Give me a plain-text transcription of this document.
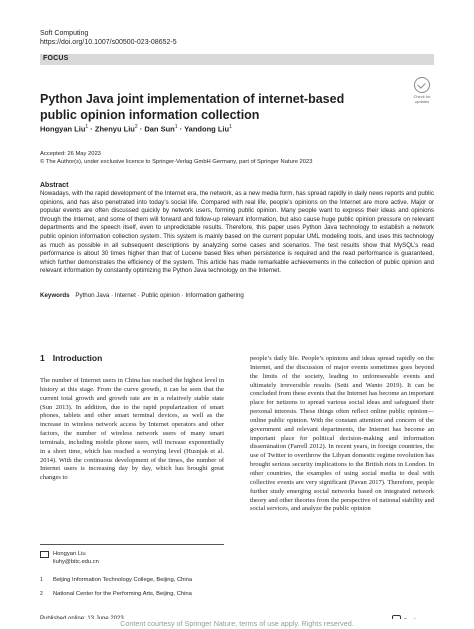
Soft Computing
https://doi.org/10.1007/s00500-023-08652-5
FOCUS
Check for updates
Python Java joint implementation of internet-based public opinion information collection
Hongyan Liu$^1$ · Zhenyu Liu$^2$ · Dan Sun$^1$ · Yandong Liu$^1$
Accepted: 26 May 2023
© The Author(s), under exclusive licence to Springer-Verlag GmbH Germany, part of Springer Nature 2023
Abstract
Nowadays, with the rapid development of the Internet era, the network, as a new media form, has spread rapidly in daily news reports and public opinions, and has also penetrated into today’s social life. Compared with real life, people’s opinions on the Internet are more active. Major or popular events are often discussed quickly by network users, forming public opinion. Many people want to express their ideas and opinions through the Internet, and some of them will forward and follow-up relevant information, but also cause huge public opinion pressure on relevant departments and the speech itself, even to unpredictable results. Therefore, this paper uses Python Java technology to establish a network public opinion information collection system. This system is mainly based on the current popular UML modeling tools, and uses this technology as much as possible in all subsequent descriptions by analyzing some cases and scenarios. The test results show that MySQL’s read performance is about 30 times higher than that of Lucene based files when persistence is required and the read performance is guaranteed, which further demonstrates the efficiency of the system. This article has made remarkable achievements in the collection of public opinion and relevant information by constantly optimizing the Python Java technology on the Internet.
Keywords Python Java · Internet · Public opinion · Information gathering
1 Introduction
The number of Internet users in China has reached the highest level in history at this stage. From the curve growth, it can be seen that the current total growth and growth rate are in a relatively stable state (Sun 2013). In addition, due to the rapid popularization of smart phones, tablets and other smart terminal devices, as well as the increase in wireless network access by Internet operators and other factors, the number of wireless network users of many smart terminals, including mobile phone users, will increase exponentially in a short time, which has reached a worrying level (Husnjak et al. 2014). With the continuous development of the times, the number of Internet users is increasing day by day, which has brought great changes to
people’s daily life. People’s opinions and ideas spread rapidly on the Internet, and the discussion of major events sometimes goes beyond the limits of the society, leading to unforeseeable events and ultimately irreversible results (Setti and Wanto 2019). It can be concluded from these events that the Internet has become an important place for netizens to spread various social ideas and safeguard their personal interests. These things often reflect online public opinion—online public opinion. With the constant attention and concern of the government and relevant departments, the Internet has become an important place for political decision-making and information dissemination (Farrell 2012). In recent years, in foreign countries, the use of Twitter to overthrow the Libyan domestic regime revolution has brought serious security implications to the British riots in London. In other countries, the examples of using social media to deal with collective events are very significant (Pavan 2017). Therefore, people further study emerging social networks based on integrated network theory and other theories from the perspective of national stability and social services, and analyze the public opinion
Hongyan Liu
liuhy@bitc.edu.cn
1	Beijing Information Technology College, Beijing, China
2	National Center for the Performing Arts, Beijing, China
Content courtesy of Springer Nature, terms of use apply. Rights reserved.
